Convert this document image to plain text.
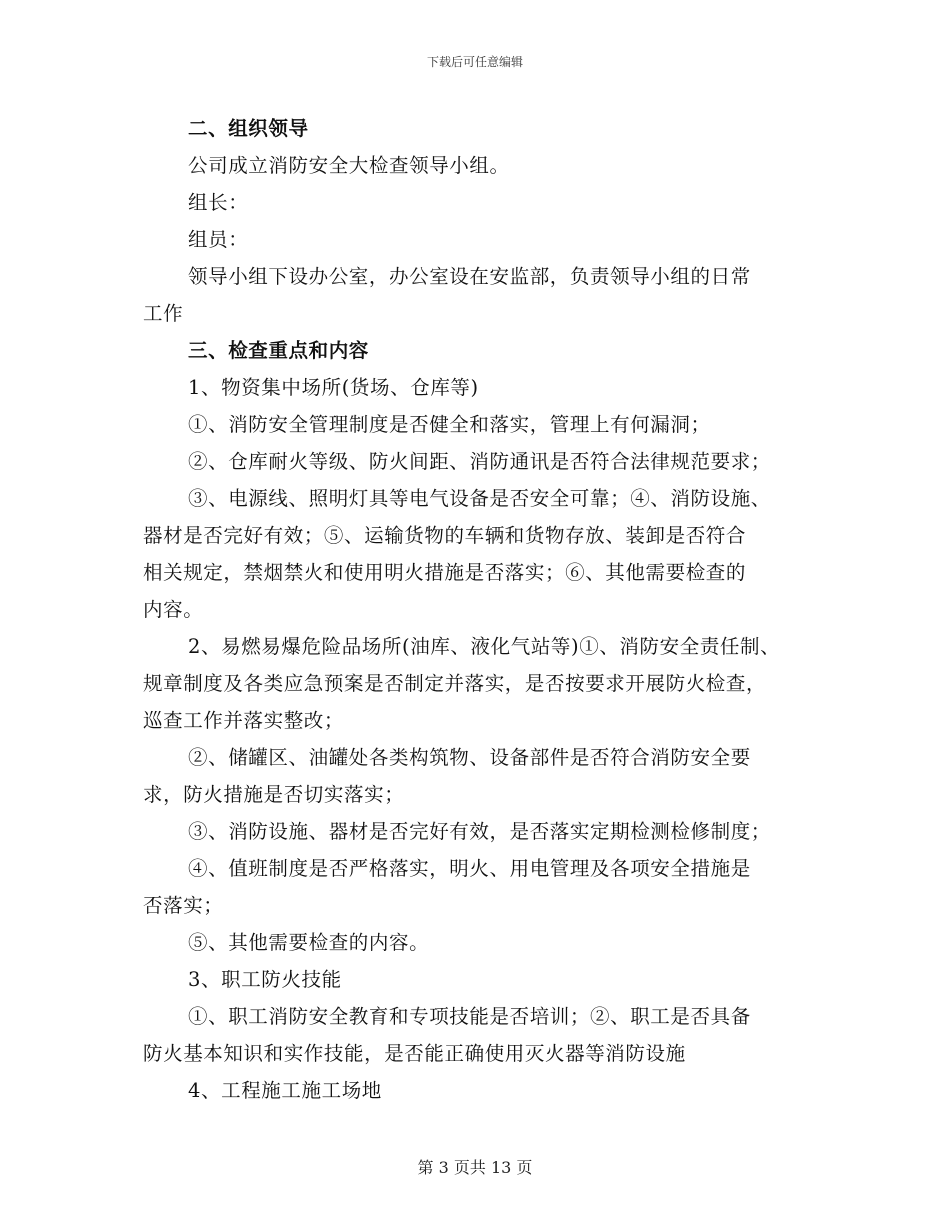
下载后可任意编辑
二、组织领导
公司成立消防安全大检查领导小组。
组长：
组员：
领导小组下设办公室，办公室设在安监部，负责领导小组的日常
工作
三、检查重点和内容
1、物资集中场所(货场、仓库等)
①、消防安全管理制度是否健全和落实，管理上有何漏洞；
②、仓库耐火等级、防火间距、消防通讯是否符合法律规范要求；
③、电源线、照明灯具等电气设备是否安全可靠；④、消防设施、
器材是否完好有效；⑤、运输货物的车辆和货物存放、装卸是否符合
相关规定，禁烟禁火和使用明火措施是否落实；⑥、其他需要检查的
内容。
2、易燃易爆危险品场所(油库、液化气站等)①、消防安全责任制、
规章制度及各类应急预案是否制定并落实，是否按要求开展防火检查，
巡查工作并落实整改；
②、储罐区、油罐处各类构筑物、设备部件是否符合消防安全要
求，防火措施是否切实落实；
③、消防设施、器材是否完好有效，是否落实定期检测检修制度；
④、值班制度是否严格落实，明火、用电管理及各项安全措施是
否落实；
⑤、其他需要检查的内容。
3、职工防火技能
①、职工消防安全教育和专项技能是否培训；②、职工是否具备
防火基本知识和实作技能，是否能正确使用灭火器等消防设施
4、工程施工施工场地
第 3 页共 13 页
